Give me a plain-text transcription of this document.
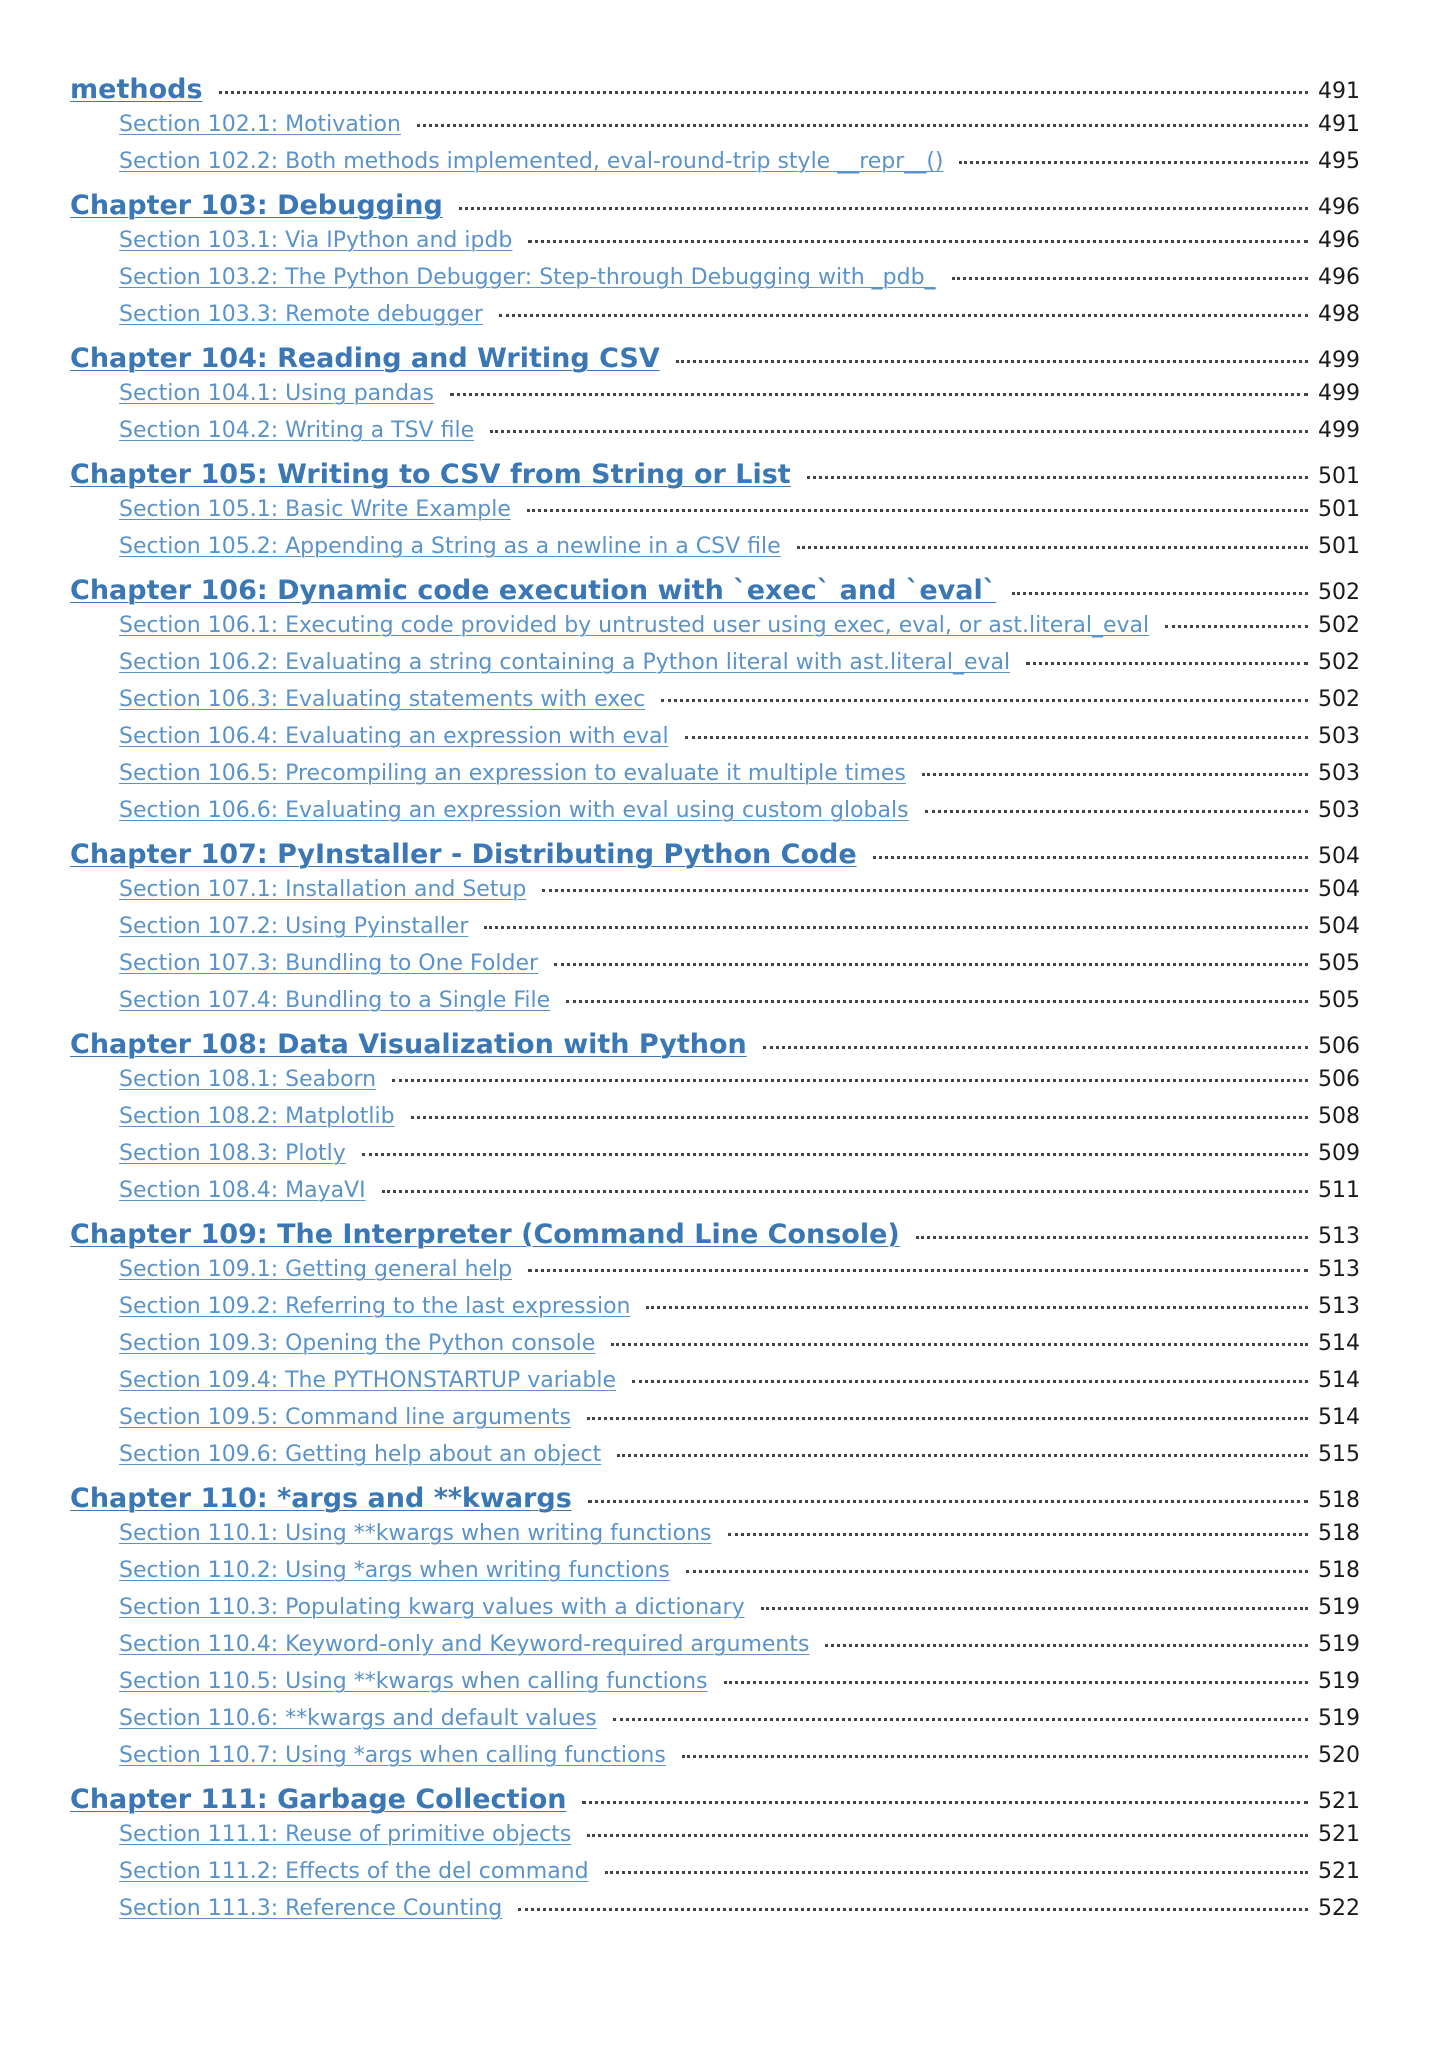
methods	491
Section 102.1: Motivation	491
Section 102.2: Both methods implemented, eval-round-trip style __repr__()	495
Chapter 103: Debugging	496
Section 103.1: Via IPython and ipdb	496
Section 103.2: The Python Debugger: Step-through Debugging with _pdb_	496
Section 103.3: Remote debugger	498
Chapter 104: Reading and Writing CSV	499
Section 104.1: Using pandas	499
Section 104.2: Writing a TSV file	499
Chapter 105: Writing to CSV from String or List	501
Section 105.1: Basic Write Example	501
Section 105.2: Appending a String as a newline in a CSV file	501
Chapter 106: Dynamic code execution with `exec` and `eval`	502
Section 106.1: Executing code provided by untrusted user using exec, eval, or ast.literal_eval	502
Section 106.2: Evaluating a string containing a Python literal with ast.literal_eval	502
Section 106.3: Evaluating statements with exec	502
Section 106.4: Evaluating an expression with eval	503
Section 106.5: Precompiling an expression to evaluate it multiple times	503
Section 106.6: Evaluating an expression with eval using custom globals	503
Chapter 107: PyInstaller - Distributing Python Code	504
Section 107.1: Installation and Setup	504
Section 107.2: Using Pyinstaller	504
Section 107.3: Bundling to One Folder	505
Section 107.4: Bundling to a Single File	505
Chapter 108: Data Visualization with Python	506
Section 108.1: Seaborn	506
Section 108.2: Matplotlib	508
Section 108.3: Plotly	509
Section 108.4: MayaVI	511
Chapter 109: The Interpreter (Command Line Console)	513
Section 109.1: Getting general help	513
Section 109.2: Referring to the last expression	513
Section 109.3: Opening the Python console	514
Section 109.4: The PYTHONSTARTUP variable	514
Section 109.5: Command line arguments	514
Section 109.6: Getting help about an object	515
Chapter 110: *args and **kwargs	518
Section 110.1: Using **kwargs when writing functions	518
Section 110.2: Using *args when writing functions	518
Section 110.3: Populating kwarg values with a dictionary	519
Section 110.4: Keyword-only and Keyword-required arguments	519
Section 110.5: Using **kwargs when calling functions	519
Section 110.6: **kwargs and default values	519
Section 110.7: Using *args when calling functions	520
Chapter 111: Garbage Collection	521
Section 111.1: Reuse of primitive objects	521
Section 111.2: Effects of the del command	521
Section 111.3: Reference Counting	522
